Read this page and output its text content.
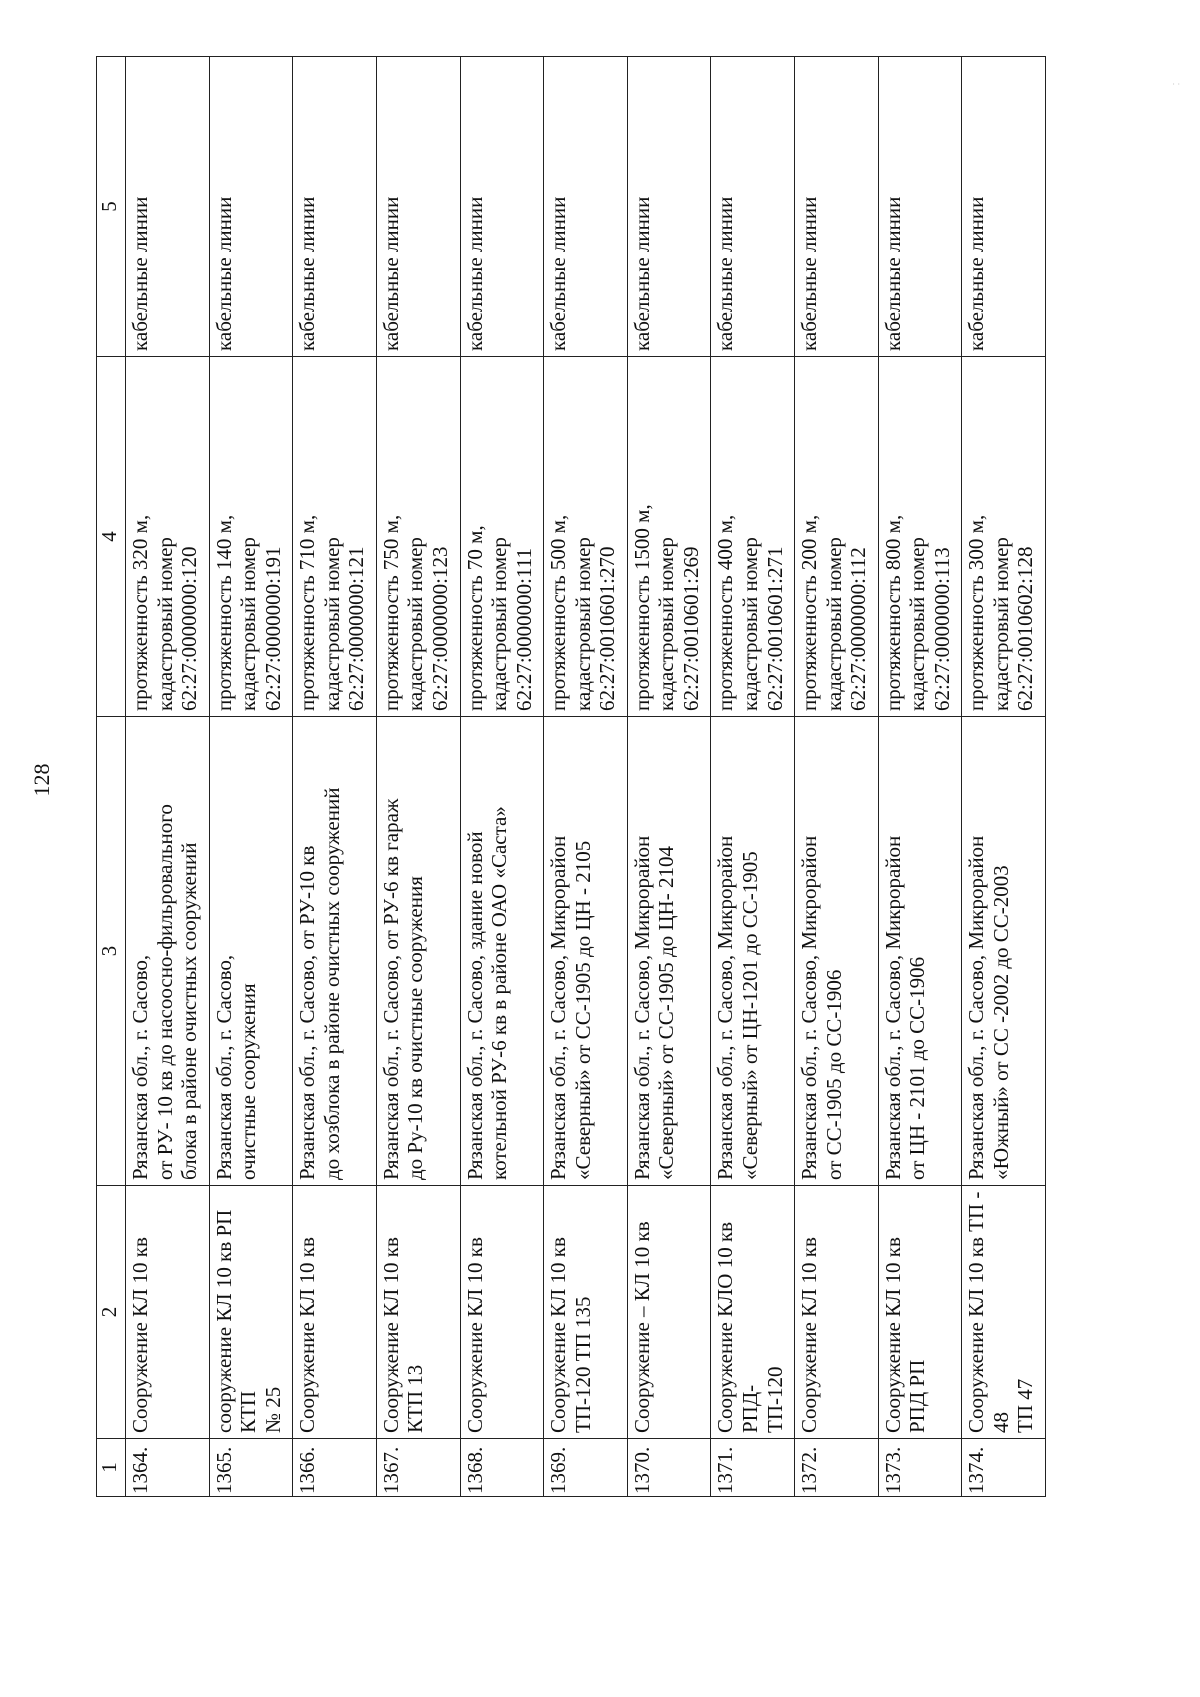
128
· ·
1	2	3	4	5
1364.	Сооружение КЛ 10 кв	Рязанская обл., г. Сасово,
от РУ- 10 кв до насоосно-фильровального
блока в районе очистных сооружений	протяженность 320 м,
кадастровый номер
62:27:0000000:120	кабельные линии
1365.	сооружение КЛ 10 кв РП КТП
№ 25	Рязанская обл., г. Сасово,
очистные сооружения	протяженность 140 м,
кадастровый номер
62:27:0000000:191	кабельные линии
1366.	Сооружение КЛ 10 кв	Рязанская обл., г. Сасово, от РУ-10 кв
до хозблока в районе очистных сооружений	протяженность 710 м,
кадастровый номер
62:27:0000000:121	кабельные линии
1367.	Сооружение КЛ 10 кв
КТП 13	Рязанская обл., г. Сасово, от РУ-6 кв гараж
до Ру-10 кв очистные сооружения	протяженность 750 м,
кадастровый номер
62:27:0000000:123	кабельные линии
1368.	Сооружение КЛ 10 кв	Рязанская обл., г. Сасово, здание новой
котельной РУ-6 кв в районе ОАО «Саста»	протяженность 70 м,
кадастровый номер
62:27:0000000:111	кабельные линии
1369.	Сооружение КЛ 10 кв
ТП-120 ТП 135	Рязанская обл., г. Сасово, Микрорайон
«Северный» от СС-1905 до ЦН - 2105	протяженность 500 м,
кадастровый номер
62:27:0010601:270	кабельные линии
1370.	Сооружение – КЛ 10 кв	Рязанская обл., г. Сасово, Микрорайон
«Северный» от СС-1905 до ЦН- 2104	протяженность 1500 м,
кадастровый номер
62:27:0010601:269	кабельные линии
1371.	Сооружение КЛО 10 кв РПД-
ТП-120	Рязанская обл., г. Сасово, Микрорайон
«Северный» от ЦН-1201 до СС-1905	протяженность 400 м,
кадастровый номер
62:27:0010601:271	кабельные линии
1372.	Сооружение КЛ 10 кв	Рязанская обл., г. Сасово, Микрорайон
от СС-1905 до СС-1906	протяженность 200 м,
кадастровый номер
62:27:0000000:112	кабельные линии
1373.	Сооружение КЛ 10 кв РПД РП	Рязанская обл., г. Сасово, Микрорайон
от ЦН - 2101 до СС-1906	протяженность 800 м,
кадастровый номер
62:27:0000000:113	кабельные линии
1374.	Сооружение КЛ 10 кв ТП - 48
ТП 47	Рязанская обл., г. Сасово, Микрорайон
«Южный» от СС -2002 до СС-2003	протяженность 300 м,
кадастровый номер
62:27:0010602:128	кабельные линии
